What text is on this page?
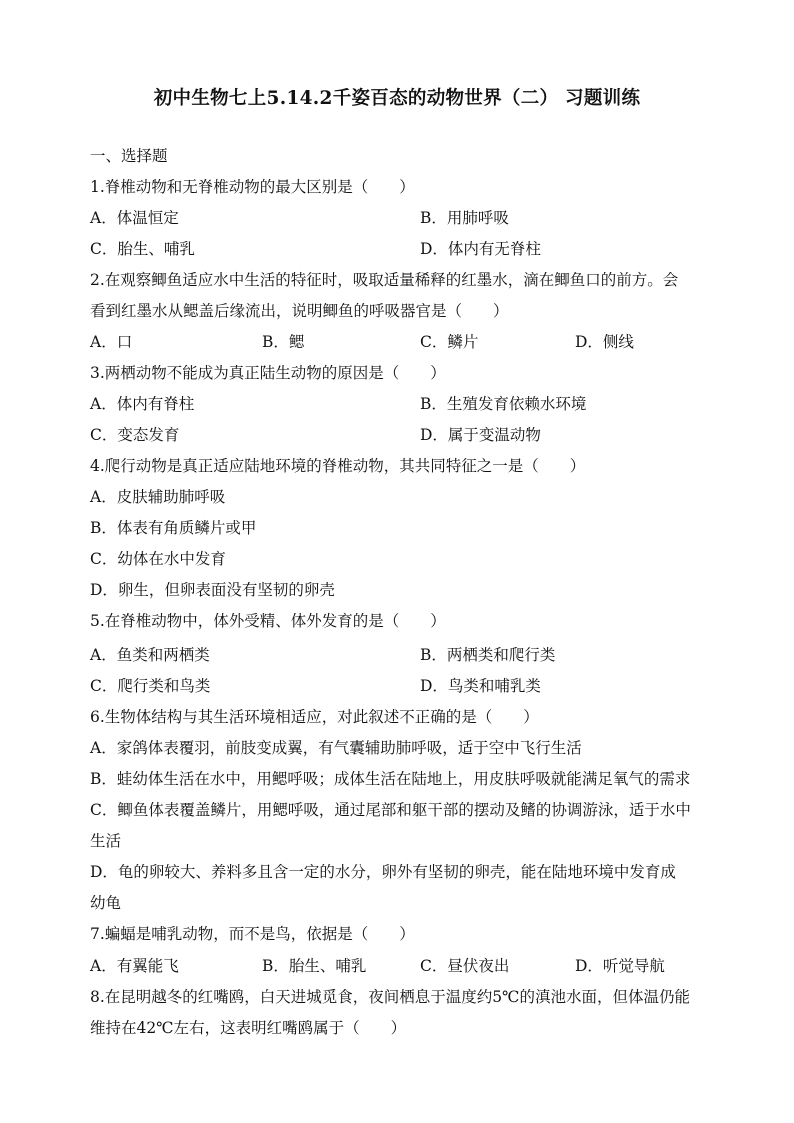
初中生物七上5.14.2千姿百态的动物世界（二） 习题训练
一、选择题
1.脊椎动物和无脊椎动物的最大区别是（　　）
A．体温恒定	B．用肺呼吸
C．胎生、哺乳	D．体内有无脊柱
2.在观察鲫鱼适应水中生活的特征时，吸取适量稀释的红墨水，滴在鲫鱼口的前方。会
看到红墨水从鳃盖后缘流出，说明鲫鱼的呼吸器官是（　　）
A．口	B．鳃	C．鳞片	D．侧线
3.两栖动物不能成为真正陆生动物的原因是（　　）
A．体内有脊柱	B．生殖发育依赖水环境
C．变态发育	D．属于变温动物
4.爬行动物是真正适应陆地环境的脊椎动物，其共同特征之一是（　　）
A．皮肤辅助肺呼吸
B．体表有角质鳞片或甲
C．幼体在水中发育
D．卵生，但卵表面没有坚韧的卵壳
5.在脊椎动物中，体外受精、体外发育的是（　　）
A．鱼类和两栖类	B．两栖类和爬行类
C．爬行类和鸟类	D．鸟类和哺乳类
6.生物体结构与其生活环境相适应，对此叙述不正确的是（　　）
A．家鸽体表覆羽，前肢变成翼，有气囊辅助肺呼吸，适于空中飞行生活
B．蛙幼体生活在水中，用鳃呼吸；成体生活在陆地上，用皮肤呼吸就能满足氧气的需求
C．鲫鱼体表覆盖鳞片，用鳃呼吸，通过尾部和躯干部的摆动及鳍的协调游泳，适于水中
生活
D．龟的卵较大、养料多且含一定的水分，卵外有坚韧的卵壳，能在陆地环境中发育成
幼龟
7.蝙蝠是哺乳动物，而不是鸟，依据是（　　）
A．有翼能飞	B．胎生、哺乳	C．昼伏夜出	D．听觉导航
8.在昆明越冬的红嘴鸥，白天进城觅食，夜间栖息于温度约5℃的滇池水面，但体温仍能
维持在42℃左右，这表明红嘴鸥属于（　　）
